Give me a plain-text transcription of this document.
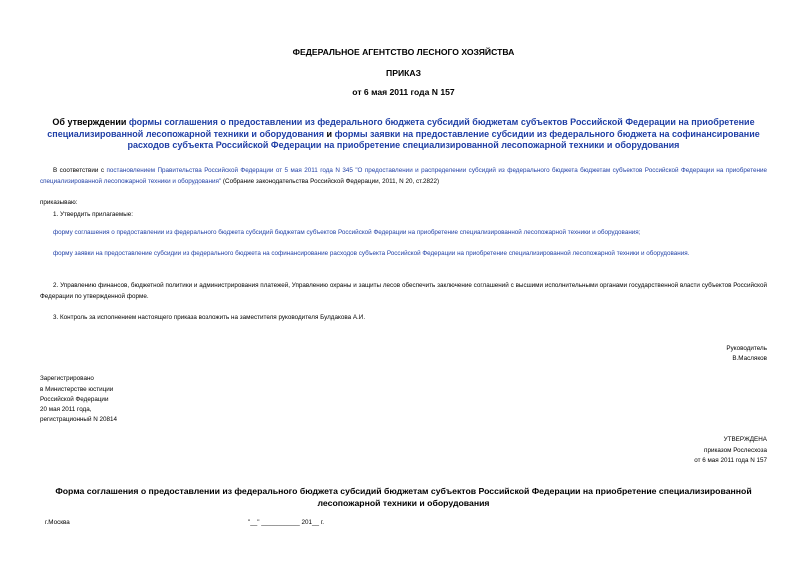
ФЕДЕРАЛЬНОЕ АГЕНТСТВО ЛЕСНОГО ХОЗЯЙСТВА
ПРИКАЗ
от 6 мая 2011 года N 157
Об утверждении формы соглашения о предоставлении из федерального бюджета субсидий бюджетам субъектов Российской Федерации на приобретение специализированной лесопожарной техники и оборудования и формы заявки на предоставление субсидии из федерального бюджета на софинансирование расходов субъекта Российской Федерации на приобретение специализированной лесопожарной техники и оборудования
В соответствии с постановлением Правительства Российской Федерации от 5 мая 2011 года N 345 "О предоставлении и распределении субсидий из федерального бюджета бюджетам субъектов Российской Федерации на приобретение специализированной лесопожарной техники и оборудования" (Собрание законодательства Российской Федерации, 2011, N 20, ст.2822)
приказываю:
1. Утвердить прилагаемые:
форму соглашения о предоставлении из федерального бюджета субсидий бюджетам субъектов Российской Федерации на приобретение специализированной лесопожарной техники и оборудования;
форму заявки на предоставление субсидии из федерального бюджета на софинансирование расходов субъекта Российской Федерации на приобретение специализированной лесопожарной техники и оборудования.
2. Управлению финансов, бюджетной политики и администрирования платежей, Управлению охраны и защиты лесов обеспечить заключение соглашений с высшими исполнительными органами государственной власти субъектов Российской Федерации по утвержденной форме.
3. Контроль за исполнением настоящего приказа возложить на заместителя руководителя Булдакова А.И.
Руководитель
В.Масляков
Зарегистрировано
в Министерстве юстиции
Российской Федерации
20 мая 2011 года,
регистрационный N 20814
УТВЕРЖДЕНА
приказом Рослесхоза
от 6 мая 2011 года N 157
Форма соглашения о предоставлении из федерального бюджета субсидий бюджетам субъектов Российской Федерации на приобретение специализированной лесопожарной техники и оборудования
г.Москва	"__" ___________ 201__ г.
